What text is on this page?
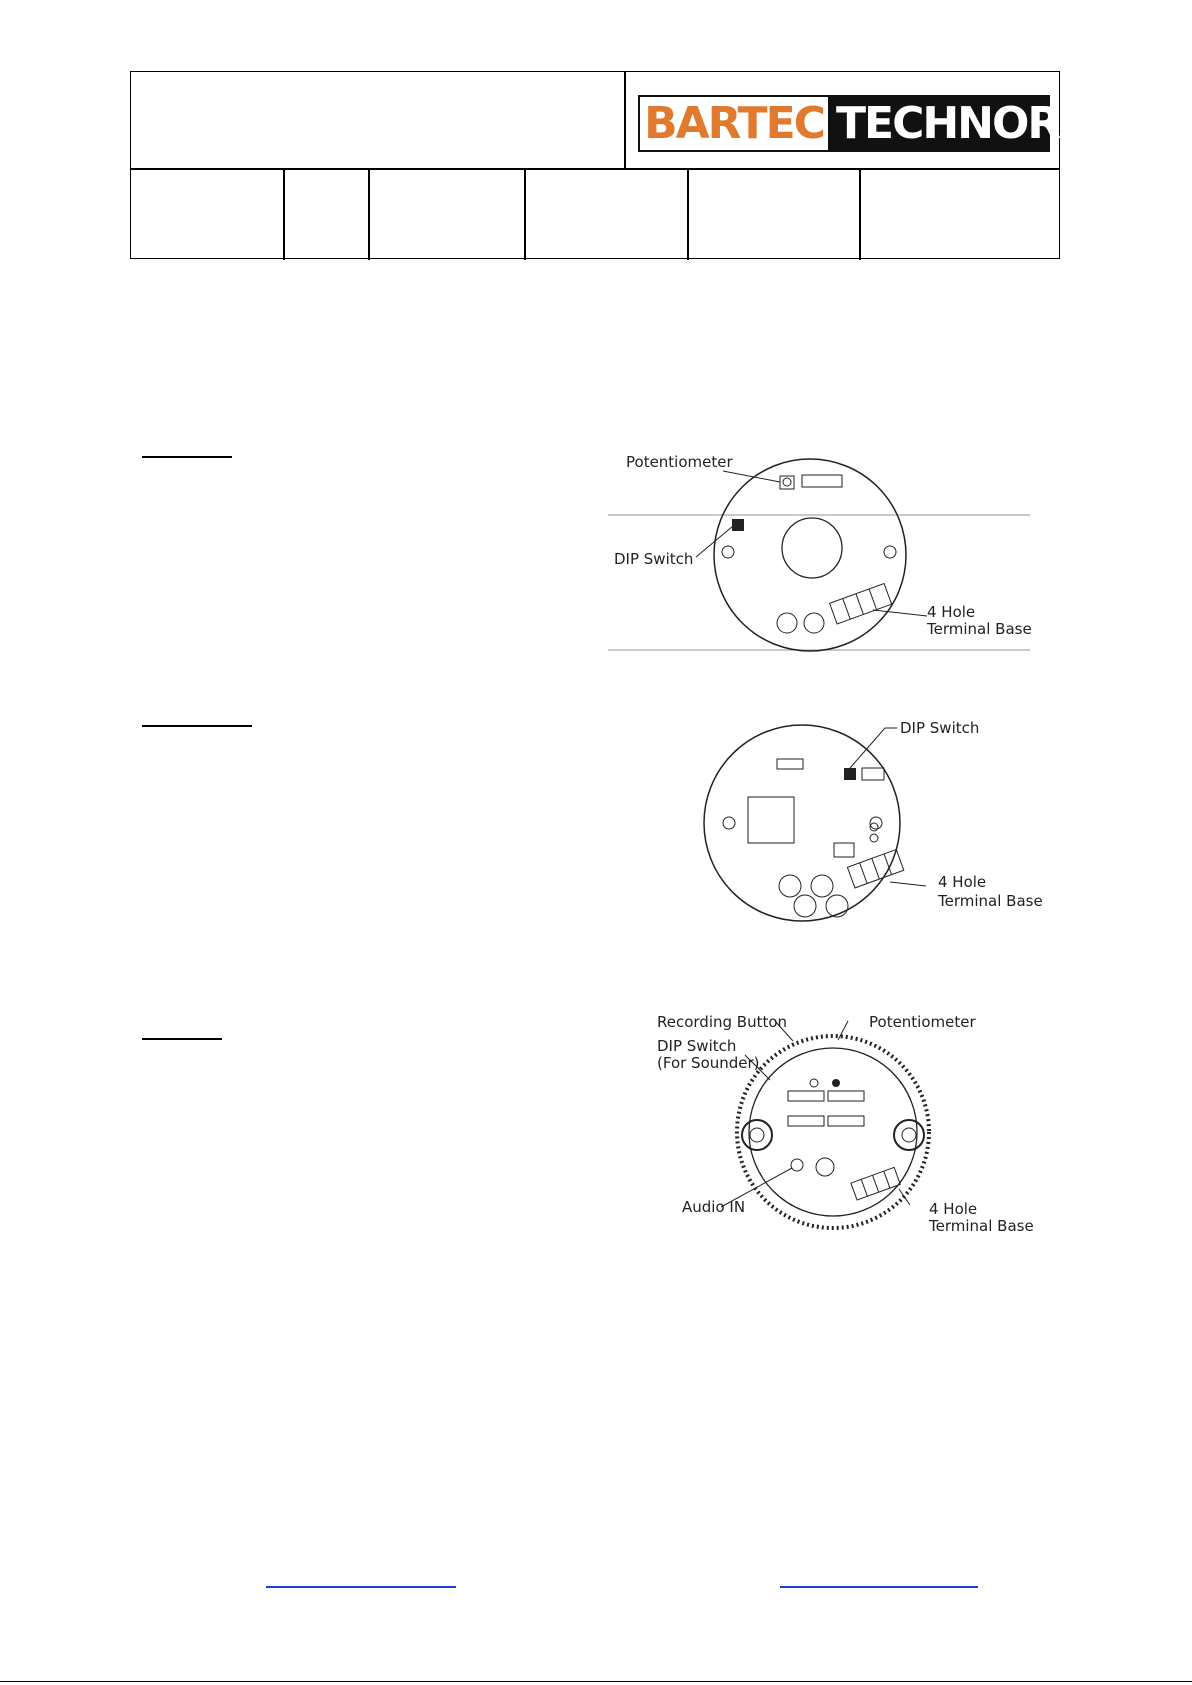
BARTEC TECHNOR
Potentiometer
DIP Switch
4 Hole
Terminal Base
DIP Switch
4 Hole
Terminal Base
Recording Button	Potentiometer
DIP Switch
(For Sounder)
Audio IN	4 Hole
Terminal Base
